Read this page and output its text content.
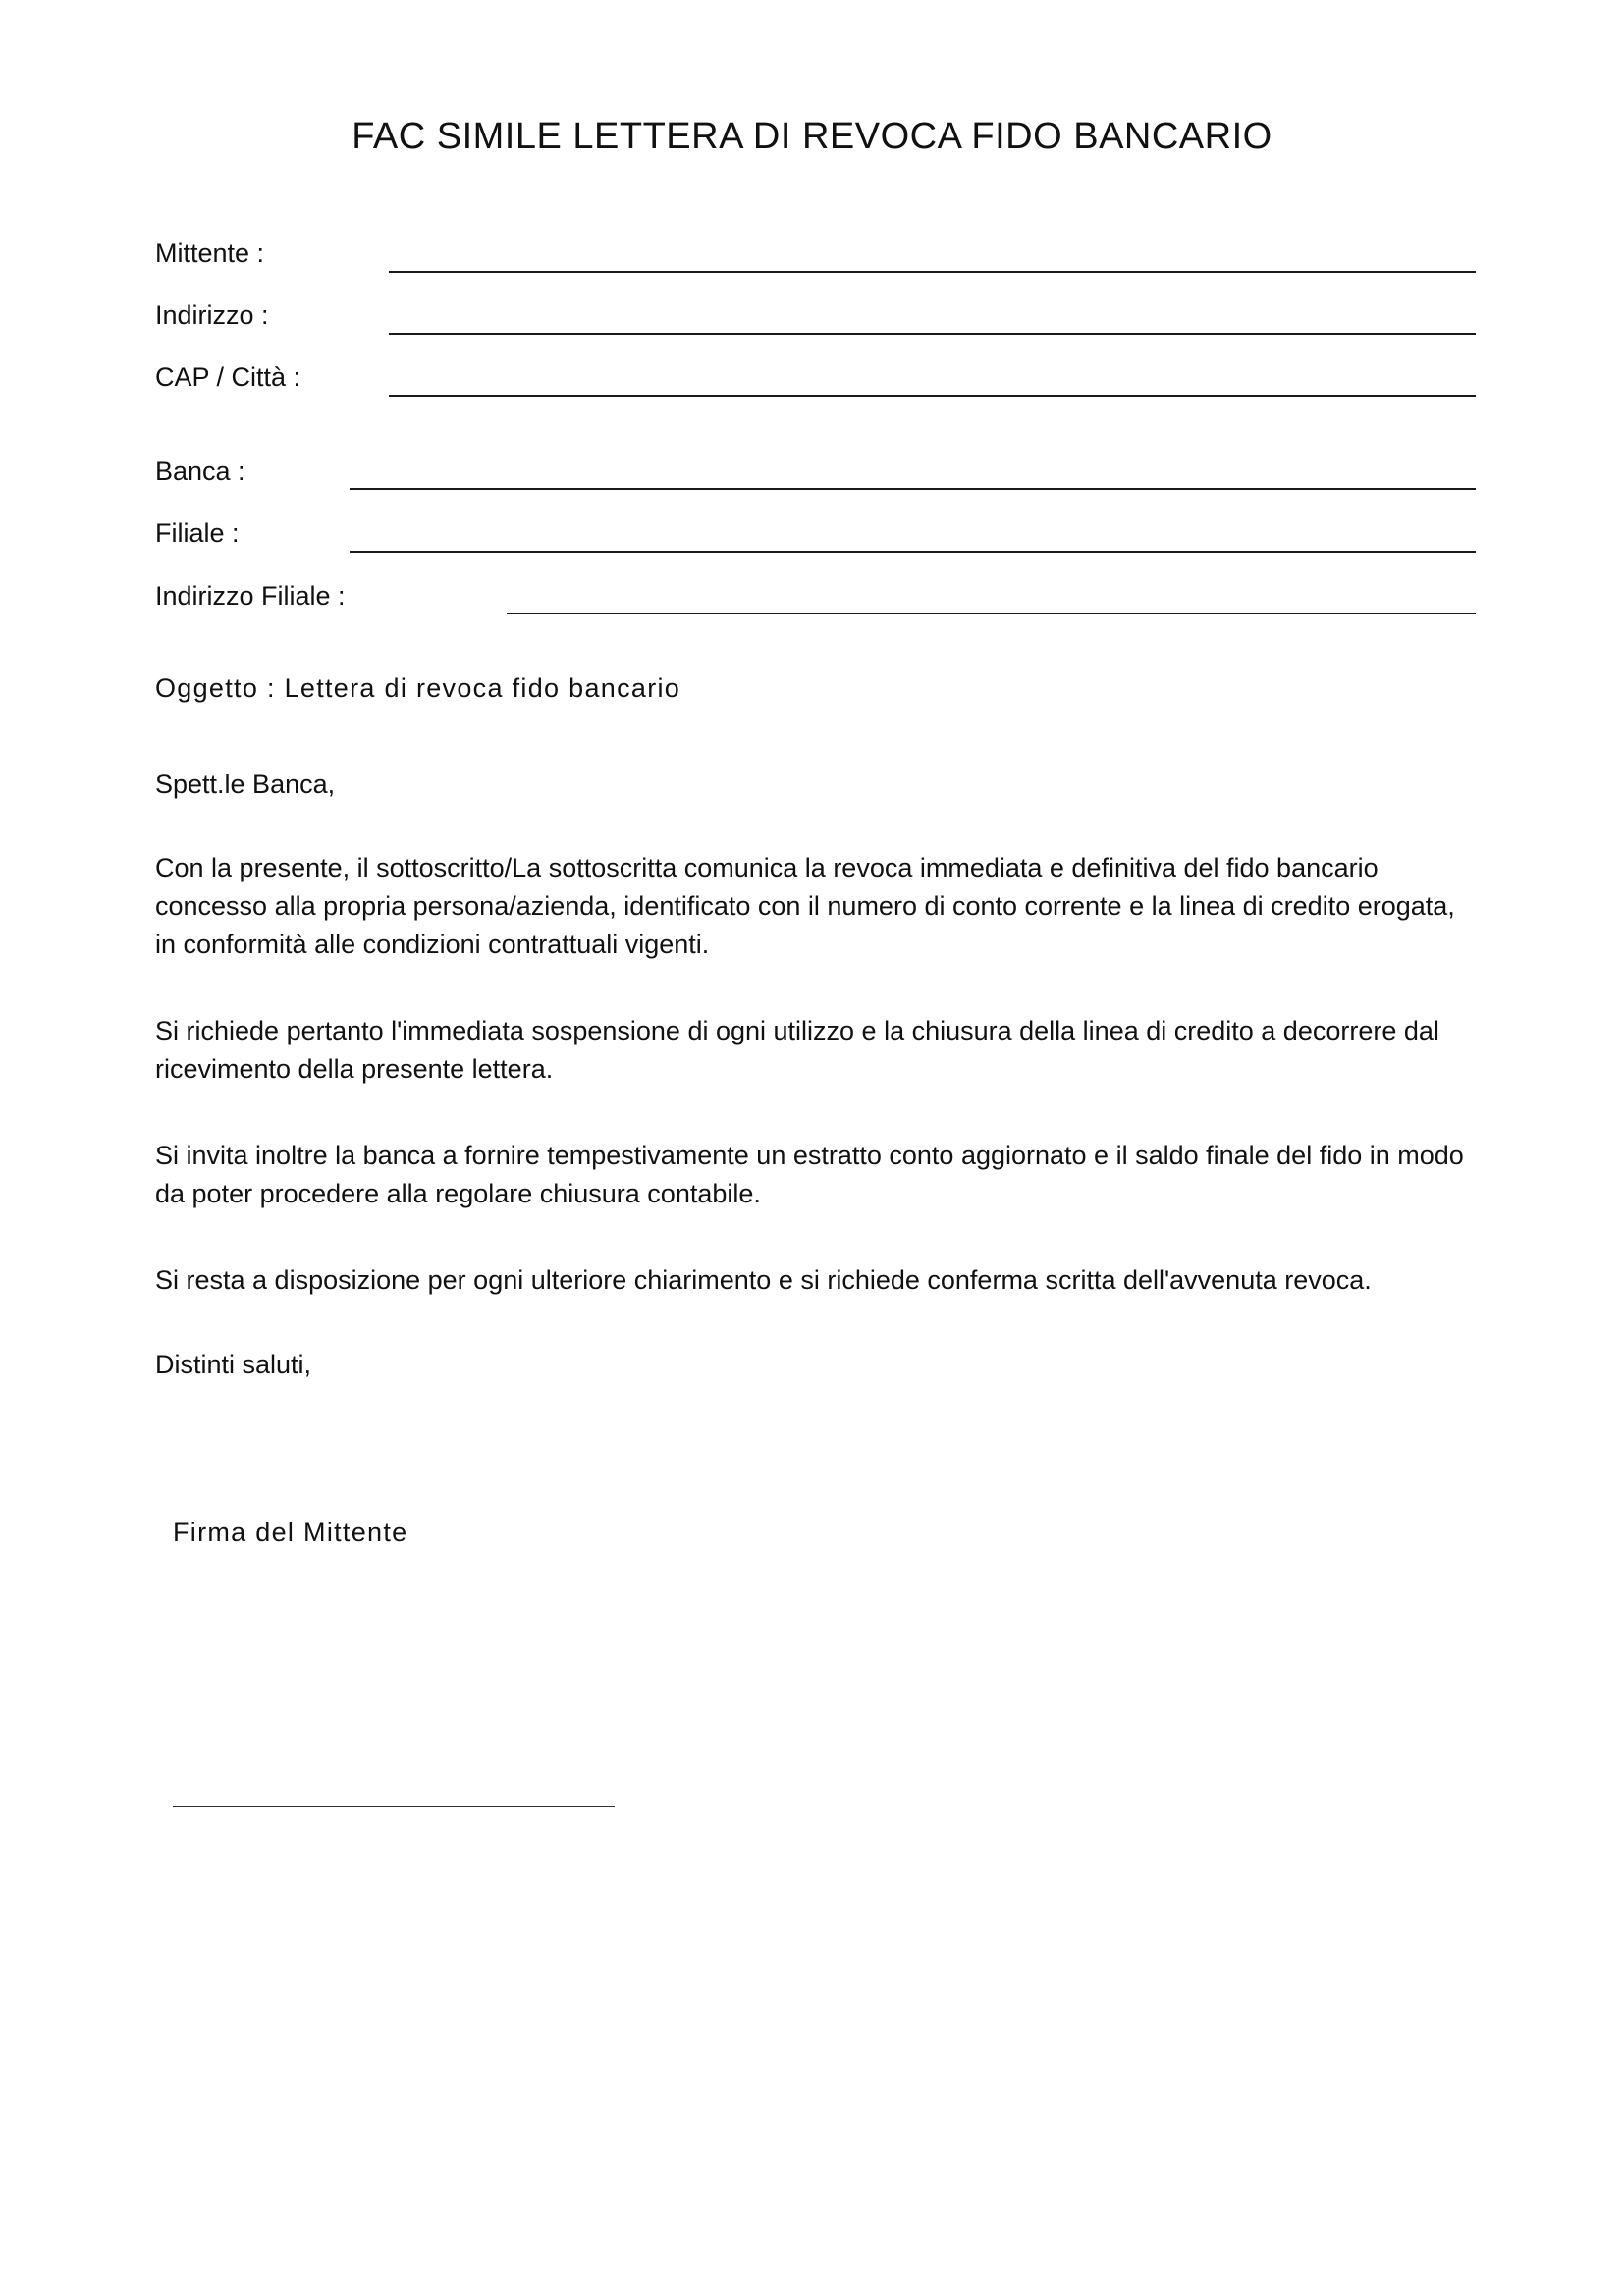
FAC SIMILE LETTERA DI REVOCA FIDO BANCARIO
Mittente :
Indirizzo :
CAP / Città :
Banca :
Filiale :
Indirizzo Filiale :
Oggetto : Lettera di revoca fido bancario

Spett.le Banca,

Con la presente, il sottoscritto/La sottoscritta comunica la revoca immediata e definitiva del fido bancario concesso alla propria persona/azienda, identificato con il numero di conto corrente e la linea di credito erogata, in conformità alle condizioni contrattuali vigenti.

Si richiede pertanto l'immediata sospensione di ogni utilizzo e la chiusura della linea di credito a decorrere dal ricevimento della presente lettera.

Si invita inoltre la banca a fornire tempestivamente un estratto conto aggiornato e il saldo finale del fido in modo da poter procedere alla regolare chiusura contabile.

Si resta a disposizione per ogni ulteriore chiarimento e si richiede conferma scritta dell'avvenuta revoca.

Distinti saluti,

Firma del Mittente
